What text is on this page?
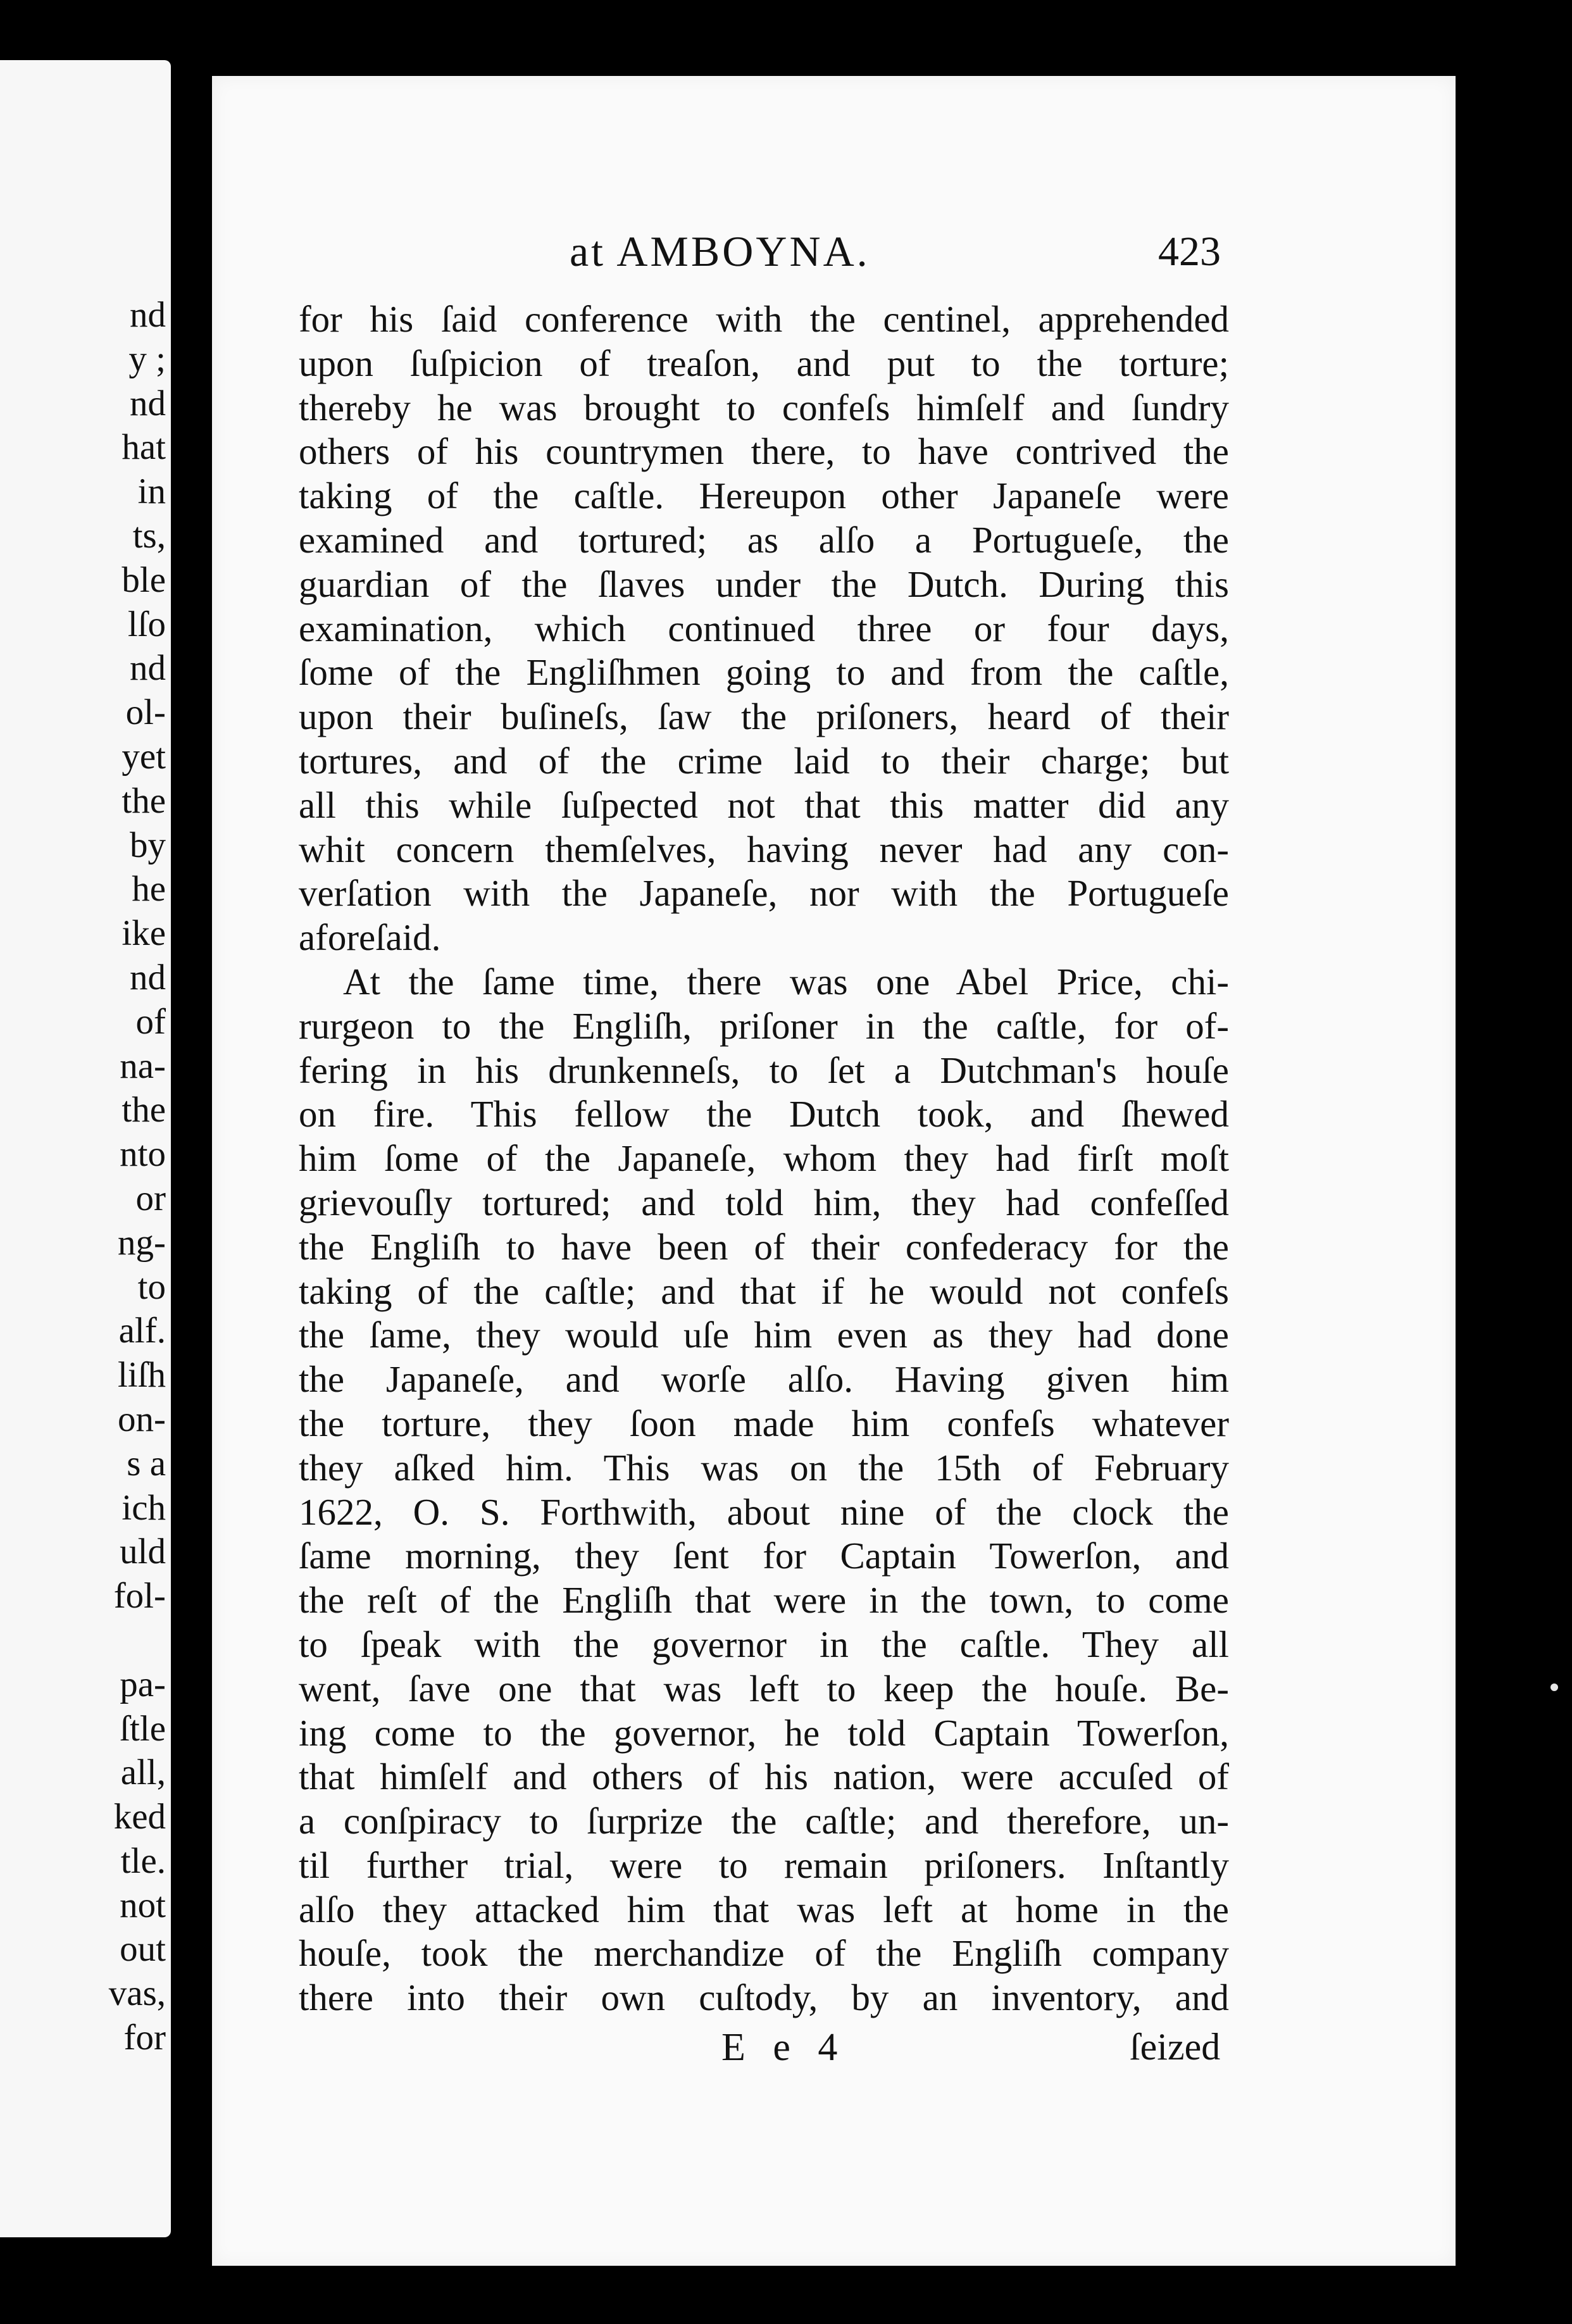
nd
y ;
nd
hat
in
ts,
ble
lſo
nd
ol-
yet
the
by
he
ike
nd
of
na-
the
nto
or
ng-
to
alf.
liſh
on-
s a
ich
uld
fol-
pa-
ſtle
all,
ked
tle.
not
out
vas,
for
at AMBOYNA.	423
for his ſaid conference with the centinel, apprehended
upon ſuſpicion of treaſon, and put to the torture;
thereby he was brought to confeſs himſelf and ſundry
others of his countrymen there, to have contrived the
taking of the caſtle. Hereupon other Japaneſe were
examined and tortured; as alſo a Portugueſe, the
guardian of the ſlaves under the Dutch. During this
examination, which continued three or four days,
ſome of the Engliſhmen going to and from the caſtle,
upon their buſineſs, ſaw the priſoners, heard of their
tortures, and of the crime laid to their charge; but
all this while ſuſpected not that this matter did any
whit concern themſelves, having never had any con-
verſation with the Japaneſe, nor with the Portugueſe
aforeſaid.
At the ſame time, there was one Abel Price, chi-
rurgeon to the Engliſh, priſoner in the caſtle, for of-
fering in his drunkenneſs, to ſet a Dutchman's houſe
on fire. This fellow the Dutch took, and ſhewed
him ſome of the Japaneſe, whom they had firſt moſt
grievouſly tortured; and told him, they had confeſſed
the Engliſh to have been of their confederacy for the
taking of the caſtle; and that if he would not confeſs
the ſame, they would uſe him even as they had done
the Japaneſe, and worſe alſo. Having given him
the torture, they ſoon made him confeſs whatever
they aſked him. This was on the 15th of February
1622, O. S. Forthwith, about nine of the clock the
ſame morning, they ſent for Captain Towerſon, and
the reſt of the Engliſh that were in the town, to come
to ſpeak with the governor in the caſtle. They all
went, ſave one that was left to keep the houſe. Be-
ing come to the governor, he told Captain Towerſon,
that himſelf and others of his nation, were accuſed of
a conſpiracy to ſurprize the caſtle; and therefore, un-
til further trial, were to remain priſoners. Inſtantly
alſo they attacked him that was left at home in the
houſe, took the merchandize of the Engliſh company
there into their own cuſtody, by an inventory, and
E e 4	ſeized
